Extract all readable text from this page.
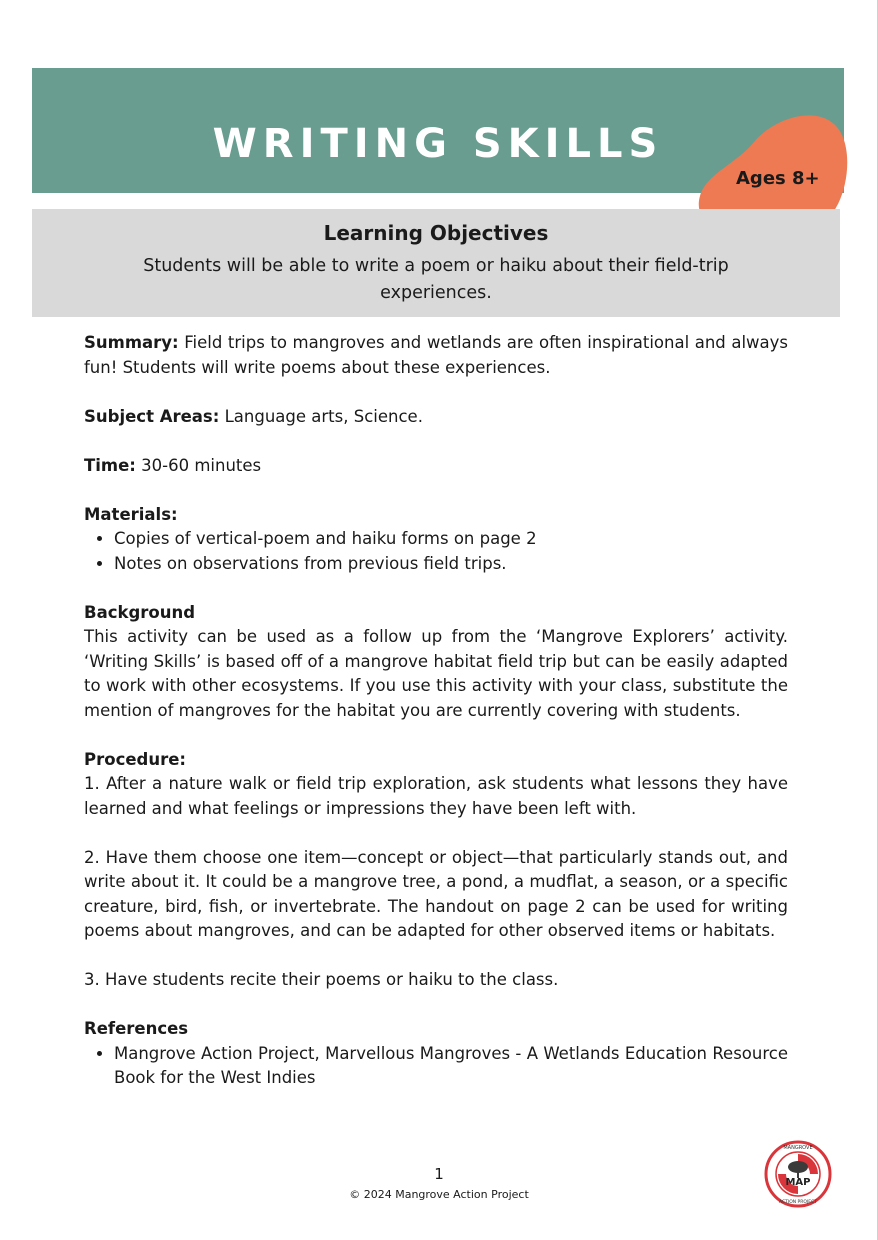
WRITING SKILLS
Ages 8+
Learning Objectives
Students will be able to write a poem or haiku about their field-trip experiences.

Summary: Field trips to mangroves and wetlands are often inspirational and always fun! Students will write poems about these experiences.

Subject Areas: Language arts, Science.

Time: 30-60 minutes

Materials:

• Copies of vertical-poem and haiku forms on page 2
• Notes on observations from previous field trips.

Background

This activity can be used as a follow up from the ‘Mangrove Explorers’ activity. ‘Writing Skills’ is based off of a mangrove habitat field trip but can be easily adapted to work with other ecosystems. If you use this activity with your class, substitute the mention of mangroves for the habitat you are currently covering with students.

Procedure:

1. After a nature walk or field trip exploration, ask students what lessons they have learned and what feelings or impressions they have been left with.

2. Have them choose one item—concept or object—that particularly stands out, and write about it. It could be a mangrove tree, a pond, a mudflat, a season, or a specific creature, bird, fish, or invertebrate. The handout on page 2 can be used for writing poems about mangroves, and can be adapted for other observed items or habitats.

3. Have students recite their poems or haiku to the class.

References

• Mangrove Action Project, Marvellous Mangroves - A Wetlands Education Resource Book for the West Indies
1
© 2024 Mangrove Action Project
MANGROVE
MAP
ACTION PROJECT
